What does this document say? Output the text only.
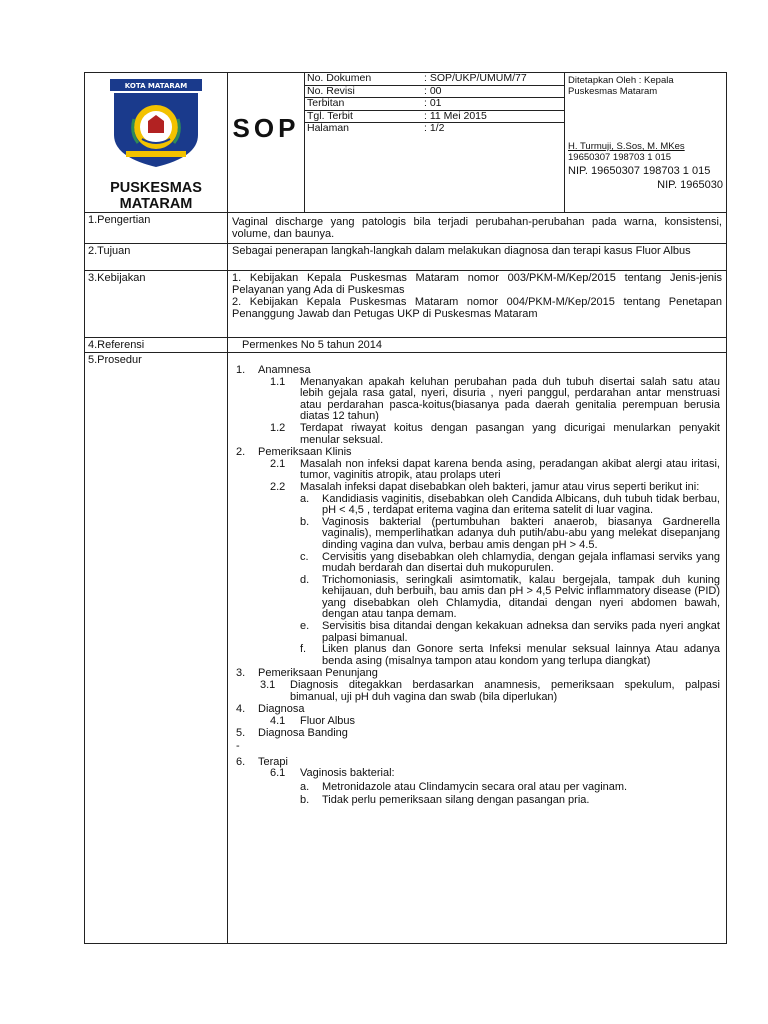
KOTA MATARAM
PUSKESMAS MATARAM
	SOP	
No. Dokumen	: SOP/UKP/UMUM/77
No. Revisi	: 00
Terbitan	: 01
Tgl. Terbit	: 11 Mei 2015
Halaman	: 1/2

Ditetapkan Oleh : Kepala Puskesmas Mataram
H. Turmuji, S.Sos, M. MKes
19650307 198703 1 015
NIP. 19650307 198703 1 015
NIP. 1965030

1.Pengertian	Vaginal discharge yang patologis bila terjadi perubahan-perubahan pada warna, konsistensi, volume, dan baunya.
2.Tujuan	Sebagai penerapan langkah-langkah dalam melakukan diagnosa dan terapi kasus Fluor Albus
3.Kebijakan	1. Kebijakan Kepala Puskesmas Mataram nomor 003/PKM-M/Kep/2015 tentang Jenis-jenis Pelayanan yang Ada di Puskesmas
2. Kebijakan Kepala Puskesmas Mataram nomor 004/PKM-M/Kep/2015 tentang Penetapan Penanggung Jawab dan Petugas UKP di Puskesmas Mataram

4.Referensi	Permenkes No 5 tahun 2014
5.Prosedur	
1.	Anamnesa
1.1	Menanyakan apakah keluhan perubahan pada duh tubuh disertai salah satu atau lebih gejala rasa gatal, nyeri, disuria , nyeri panggul, perdarahan antar menstruasi atau perdarahan pasca-koitus(biasanya pada daerah genitalia perempuan berusia diatas 12 tahun)
1.2	Terdapat riwayat koitus dengan pasangan yang dicurigai menularkan penyakit menular seksual.
2.	Pemeriksaan Klinis
2.1	Masalah non infeksi dapat karena benda asing, peradangan akibat alergi atau iritasi, tumor, vaginitis atropik, atau prolaps uteri
2.2	Masalah infeksi dapat disebabkan oleh bakteri, jamur atau virus seperti berikut ini:
a.	Kandidiasis vaginitis, disebabkan oleh Candida Albicans, duh tubuh tidak berbau, pH < 4,5 , terdapat eritema vagina dan eritema satelit di luar vagina.
b.	Vaginosis bakterial (pertumbuhan bakteri anaerob, biasanya Gardnerella vaginalis), memperlihatkan adanya duh putih/abu-abu yang melekat disepanjang dinding vagina dan vulva, berbau amis dengan pH > 4.5.
c.	Cervisitis yang disebabkan oleh chlamydia, dengan gejala inflamasi serviks yang mudah berdarah dan disertai duh mukopurulen.
d.	Trichomoniasis, seringkali asimtomatik, kalau bergejala, tampak duh kuning kehijauan, duh berbuih, bau amis dan pH > 4,5 Pelvic inflammatory disease (PID) yang disebabkan oleh Chlamydia, ditandai dengan nyeri abdomen bawah, dengan atau tanpa demam.
e.	Servisitis bisa ditandai dengan kekakuan adneksa dan serviks pada nyeri angkat palpasi bimanual.
f.	Liken planus dan Gonore serta Infeksi menular seksual lainnya Atau adanya benda asing (misalnya tampon atau kondom yang terlupa diangkat)
3.	Pemeriksaan Penunjang
3.1	Diagnosis ditegakkan berdasarkan anamnesis, pemeriksaan spekulum, palpasi bimanual, uji pH duh vagina dan swab (bila diperlukan)
4.	Diagnosa
4.1	Fluor Albus
5.	Diagnosa Banding
-
6.	Terapi
6.1	Vaginosis bakterial:
a.	Metronidazole atau Clindamycin secara oral atau per vaginam.
b.	Tidak perlu pemeriksaan silang dengan pasangan pria.
